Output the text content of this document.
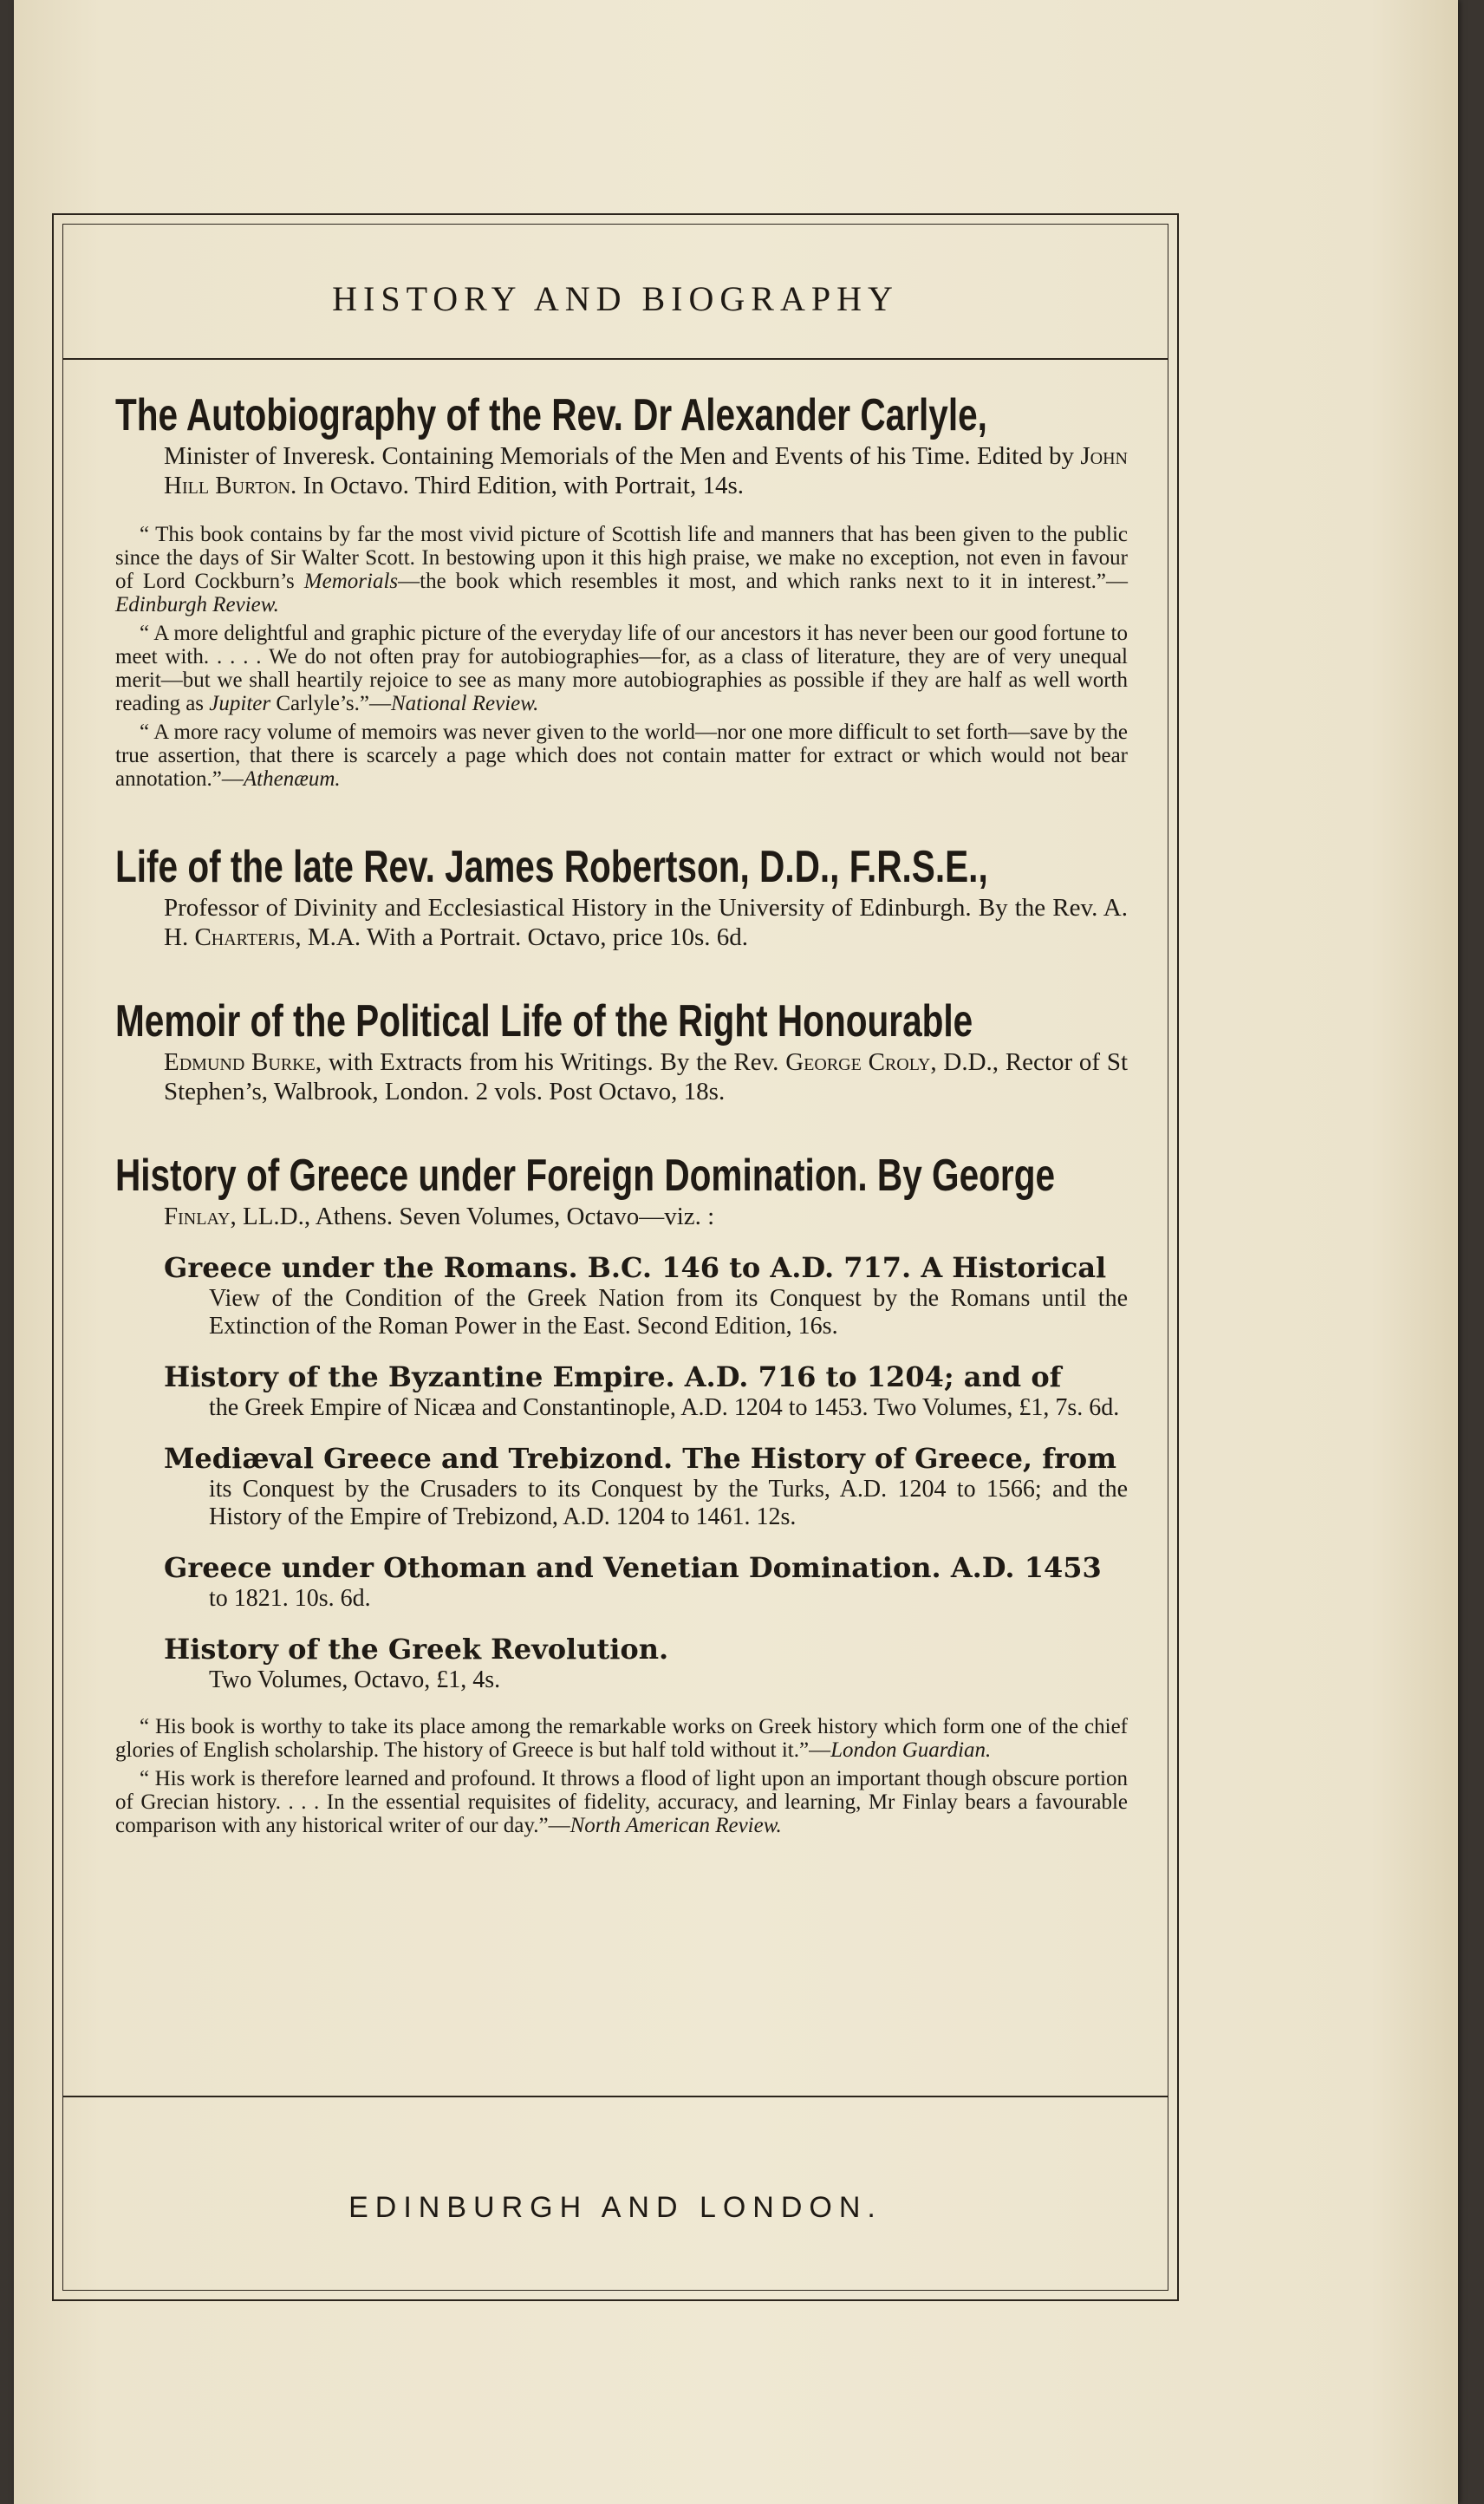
HISTORY AND BIOGRAPHY
The Autobiography of the Rev. Dr Alexander Carlyle,
Minister of Inveresk. Containing Memorials of the Men and Events of his Time. Edited by John Hill Burton. In Octavo. Third Edition, with Portrait, 14s.

“ This book contains by far the most vivid picture of Scottish life and manners that has been given to the public since the days of Sir Walter Scott. In bestowing upon it this high praise, we make no exception, not even in favour of Lord Cockburn’s Memorials—the book which resembles it most, and which ranks next to it in interest.”—Edinburgh Review.

“ A more delightful and graphic picture of the everyday life of our ancestors it has never been our good fortune to meet with. . . . . We do not often pray for autobiographies—for, as a class of literature, they are of very unequal merit—but we shall heartily rejoice to see as many more autobiographies as possible if they are half as well worth reading as Jupiter Carlyle’s.”—National Review.

“ A more racy volume of memoirs was never given to the world—nor one more difficult to set forth—save by the true assertion, that there is scarcely a page which does not contain matter for extract or which would not bear annotation.”—Athenæum.

Life of the late Rev. James Robertson, D.D., F.R.S.E.,
Professor of Divinity and Ecclesiastical History in the University of Edinburgh. By the Rev. A. H. Charteris, M.A. With a Portrait. Octavo, price 10s. 6d.
Memoir of the Political Life of the Right Honourable
Edmund Burke, with Extracts from his Writings. By the Rev. George Croly, D.D., Rector of St Stephen’s, Walbrook, London. 2 vols. Post Octavo, 18s.
History of Greece under Foreign Domination. By George
Finlay, LL.D., Athens. Seven Volumes, Octavo—viz. :
Greece under the Romans. B.C. 146 to A.D. 717. A Historical
View of the Condition of the Greek Nation from its Conquest by the Romans until the Extinction of the Roman Power in the East. Second Edition, 16s.
History of the Byzantine Empire. A.D. 716 to 1204; and of
the Greek Empire of Nicæa and Constantinople, A.D. 1204 to 1453. Two Volumes, £1, 7s. 6d.
Mediæval Greece and Trebizond. The History of Greece, from
its Conquest by the Crusaders to its Conquest by the Turks, A.D. 1204 to 1566; and the History of the Empire of Trebizond, A.D. 1204 to 1461. 12s.
Greece under Othoman and Venetian Domination. A.D. 1453
to 1821. 10s. 6d.
History of the Greek Revolution.
Two Volumes, Octavo, £1, 4s.

“ His book is worthy to take its place among the remarkable works on Greek history which form one of the chief glories of English scholarship. The history of Greece is but half told without it.”—London Guardian.

“ His work is therefore learned and profound. It throws a flood of light upon an important though obscure portion of Grecian history. . . . In the essential requisites of fidelity, accuracy, and learning, Mr Finlay bears a favourable comparison with any historical writer of our day.”—North American Review.

EDINBURGH AND LONDON.
